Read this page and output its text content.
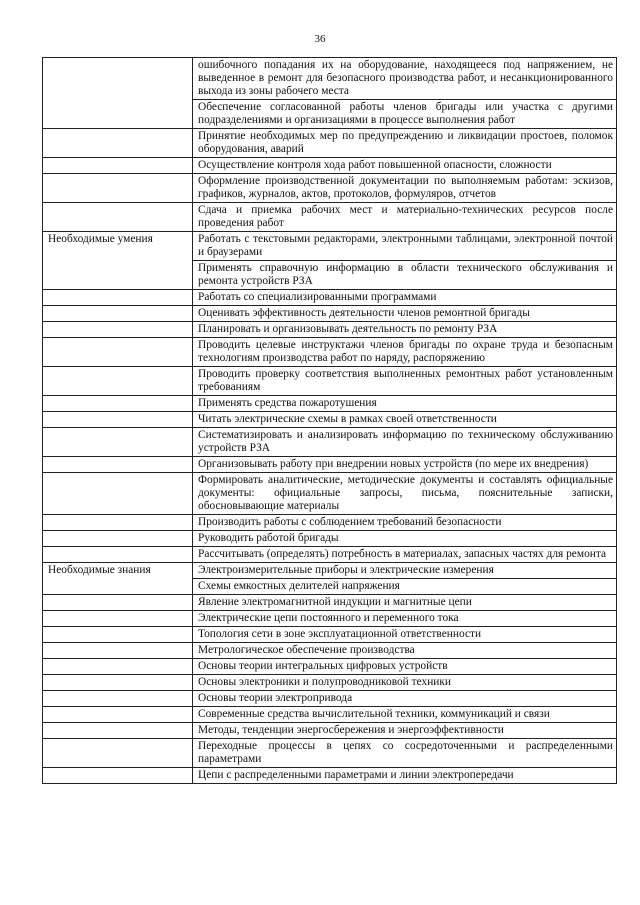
36
	ошибочного попадания их на оборудование, находящееся под напряжением, не выведенное в ремонт для безопасного производства работ, и несанкционированного выхода из зоны рабочего места
	Обеспечение согласованной работы членов бригады или участка с другими подразделениями и организациями в процессе выполнения работ
	Принятие необходимых мер по предупреждению и ликвидации простоев, поломок оборудования, аварий
	Осуществление контроля хода работ повышенной опасности, сложности
	Оформление производственной документации по выполняемым работам: эскизов, графиков, журналов, актов, протоколов, формуляров, отчетов
	Сдача и приемка рабочих мест и материально-технических ресурсов после проведения работ
Необходимые умения	Работать с текстовыми редакторами, электронными таблицами, электронной почтой и браузерами
	Применять справочную информацию в области технического обслуживания и ремонта устройств РЗА
	Работать со специализированными программами
	Оценивать эффективность деятельности членов ремонтной бригады
	Планировать и организовывать деятельность по ремонту РЗА
	Проводить целевые инструктажи членов бригады по охране труда и безопасным технологиям производства работ по наряду, распоряжению
	Проводить проверку соответствия выполненных ремонтных работ установленным требованиям
	Применять средства пожаротушения
	Читать электрические схемы в рамках своей ответственности
	Систематизировать и анализировать информацию по техническому обслуживанию устройств РЗА
	Организовывать работу при внедрении новых устройств (по мере их внедрения)
	Формировать аналитические, методические документы и составлять официальные документы: официальные запросы, письма, пояснительные записки, обосновывающие материалы
	Производить работы с соблюдением требований безопасности
	Руководить работой бригады
	Рассчитывать (определять) потребность в материалах, запасных частях для ремонта
Необходимые знания	Электроизмерительные приборы и электрические измерения
	Схемы емкостных делителей напряжения
	Явление электромагнитной индукции и магнитные цепи
	Электрические цепи постоянного и переменного тока
	Топология сети в зоне эксплуатационной ответственности
	Метрологическое обеспечение производства
	Основы теории интегральных цифровых устройств
	Основы электроники и полупроводниковой техники
	Основы теории электропривода
	Современные средства вычислительной техники, коммуникаций и связи
	Методы, тенденции энергосбережения и энергоэффективности
	Переходные процессы в цепях со сосредоточенными и распределенными параметрами
	Цепи с распределенными параметрами и линии электропередачи
